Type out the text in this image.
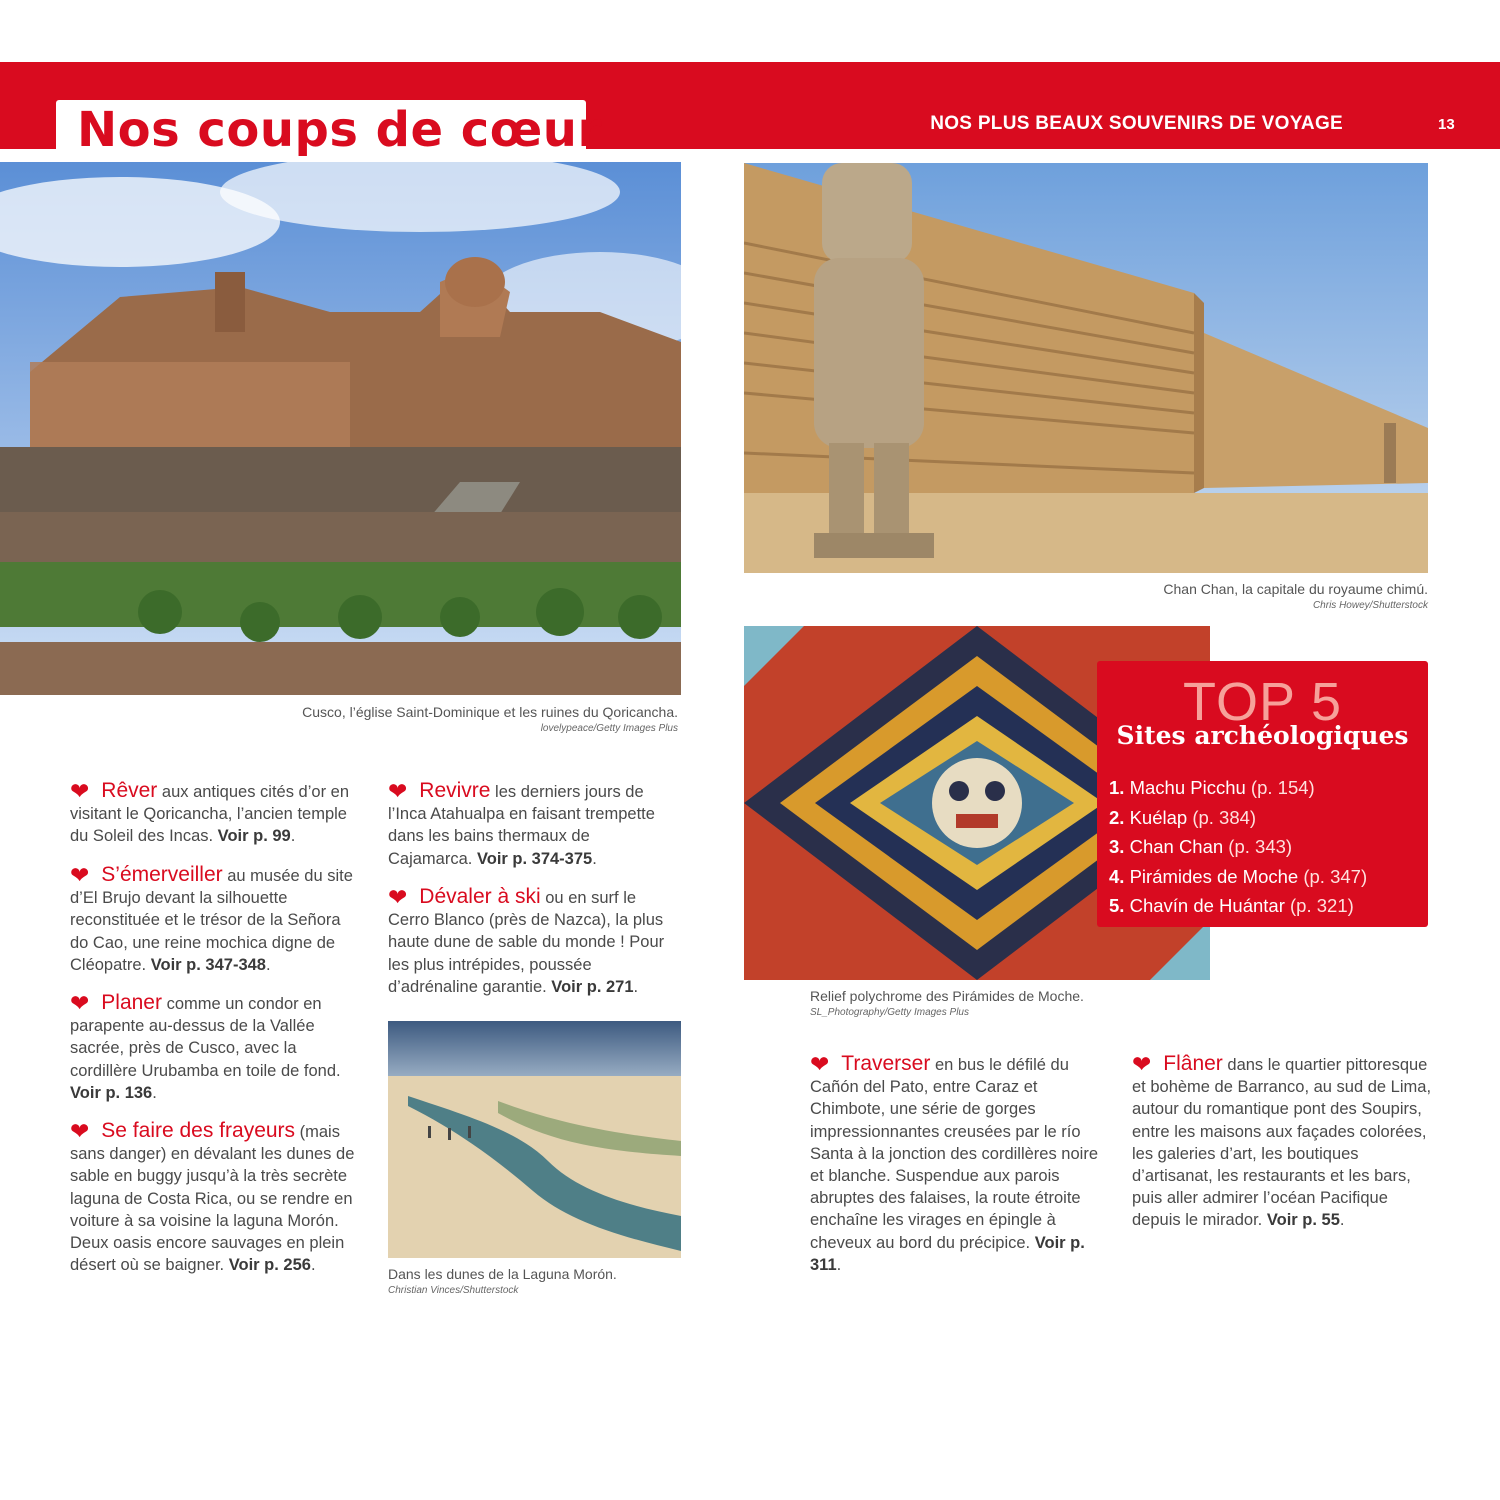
Nos coups de cœur	NOS PLUS BEAUX SOUVENIRS DE VOYAGE	13
Cusco, l’église Saint-Dominique et les ruines du Qoricancha.
lovelypeace/Getty Images Plus
Chan Chan, la capitale du royaume chimú.
Chris Howey/Shutterstock
Relief polychrome des Pirámides de Moche.
SL_Photography/Getty Images Plus
TOP 5
Sites archéologiques
1. Machu Picchu (p. 154)
2. Kuélap (p. 384)
3. Chan Chan (p. 343)
4. Pirámides de Moche (p. 347)
5. Chavín de Huántar (p. 321)
Dans les dunes de la Laguna Morón.
Christian Vinces/Shutterstock
❤ Rêver aux antiques cités d’or en visitant le Qoricancha, l’ancien temple du Soleil des Incas. Voir p. 99.
❤ S’émerveiller au musée du site d’El Brujo devant la silhouette reconstituée et le trésor de la Señora do Cao, une reine mochica digne de Cléopatre. Voir p. 347-348.
❤ Planer comme un condor en parapente au-dessus de la Vallée sacrée, près de Cusco, avec la cordillère Urubamba en toile de fond. Voir p. 136.
❤ Se faire des frayeurs (mais sans danger) en dévalant les dunes de sable en buggy jusqu’à la très secrète laguna de Costa Rica, ou se rendre en voiture à sa voisine la laguna Morón. Deux oasis encore sauvages en plein désert où se baigner. Voir p. 256.
❤ Revivre les derniers jours de l’Inca Atahualpa en faisant trempette dans les bains thermaux de Cajamarca. Voir p. 374-375.
❤ Dévaler à ski ou en surf le Cerro Blanco (près de Nazca), la plus haute dune de sable du monde ! Pour les plus intrépides, poussée d’adrénaline garantie. Voir p. 271.
❤ Traverser en bus le défilé du Cañón del Pato, entre Caraz et Chimbote, une série de gorges impressionnantes creusées par le río Santa à la jonction des cordillères noire et blanche. Suspendue aux parois abruptes des falaises, la route étroite enchaîne les virages en épingle à cheveux au bord du précipice. Voir p. 311.
❤ Flâner dans le quartier pittoresque et bohème de Barranco, au sud de Lima, autour du romantique pont des Soupirs, entre les maisons aux façades colorées, les galeries d’art, les boutiques d’artisanat, les restaurants et les bars, puis aller admirer l’océan Pacifique depuis le mirador. Voir p. 55.
